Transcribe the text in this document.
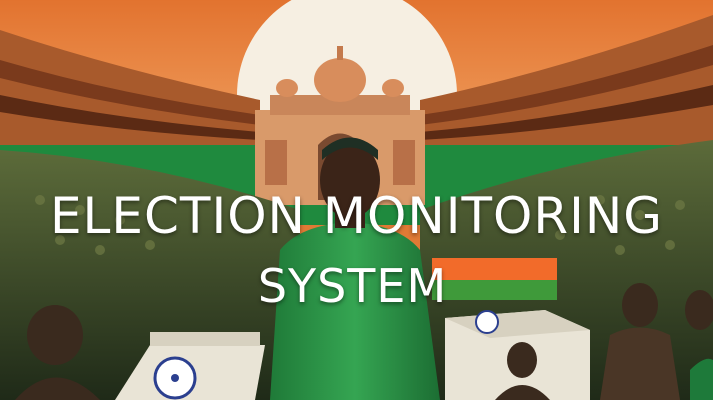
ELECTION MONITORING
SYSTEM
